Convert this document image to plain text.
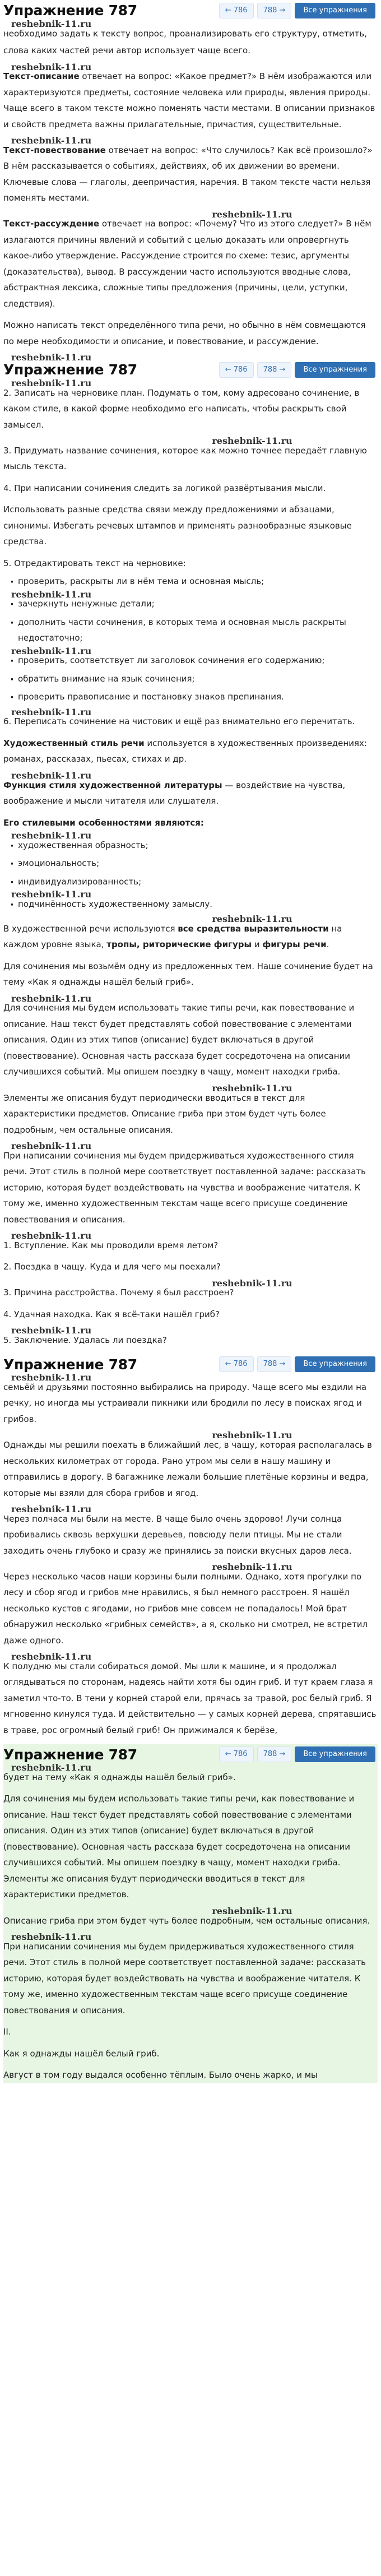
Упражнение 787	← 786	788 →	Все упражнения
reshebnik-11.ru

необходимо задать к тексту вопрос, проанализировать его структуру, отметить,

слова каких частей речи автор использует чаще всего.

reshebnik-11.ru

Текст-описание отвечает на вопрос: «Какое предмет?» В нём изображаются или характеризуются предметы, состояние человека или природы, явления природы. Чаще всего в таком тексте можно поменять части местами. В описании признаков и свойств предмета важны прилагательные, причастия, существительные.

reshebnik-11.ru

Текст-повествование отвечает на вопрос: «Что случилось? Как всё произошло?» В нём рассказывается о событиях, действиях, об их движении во времени. Ключевые слова — глаголы, деепричастия, наречия. В таком тексте части нельзя поменять местами.

reshebnik-11.ru

Текст-рассуждение отвечает на вопрос: «Почему? Что из этого следует?» В нём излагаются причины явлений и событий с целью доказать или опровергнуть какое-либо утверждение. Рассуждение строится по схеме: тезис, аргументы (доказательства), вывод. В рассуждении часто используются вводные слова, абстрактная лексика, сложные типы предложения (причины, цели, уступки, следствия).

Можно написать текст определённого типа речи, но обычно в нём совмещаются по мере необходимости и описание, и повествование, и рассуждение.

reshebnik-11.ru
Упражнение 787	← 786	788 →	Все упражнения
reshebnik-11.ru

2. Записать на черновике план. Подумать о том, кому адресовано сочинение, в каком стиле, в какой форме необходимо его написать, чтобы раскрыть свой замысел.

reshebnik-11.ru

3. Придумать название сочинения, которое как можно точнее передаёт главную мысль текста.

4. При написании сочинения следить за логикой развёртывания мысли.

Использовать разные средства связи между предложениями и абзацами, синонимы. Избегать речевых штампов и применять разнообразные языковые средства.

5. Отредактировать текст на черновике:

· проверить, раскрыты ли в нём тема и основная мысль;
reshebnik-11.ru
· зачеркнуть ненужные детали;
· дополнить части сочинения, в которых тема и основная мысль раскрыты недостаточно;
reshebnik-11.ru
· проверить, соответствует ли заголовок сочинения его содержанию;
· обратить внимание на язык сочинения;
· проверить правописание и постановку знаков препинания.
reshebnik-11.ru

6. Переписать сочинение на чистовик и ещё раз внимательно его перечитать.

Художественный стиль речи используется в художественных произведениях: романах, рассказах, пьесах, стихах и др.

reshebnik-11.ru

Функция стиля художественной литературы — воздействие на чувства, воображение и мысли читателя или слушателя.

Его стилевыми особенностями являются:

reshebnik-11.ru
· художественная образность;
· эмоциональность;
· индивидуализированность;
reshebnik-11.ru
· подчинённость художественному замыслу.
reshebnik-11.ru

В художественной речи используются все средства выразительности на каждом уровне языка, тропы, риторические фигуры и фигуры речи.

Для сочинения мы возьмём одну из предложенных тем. Наше сочинение будет на тему «Как я однажды нашёл белый гриб».

reshebnik-11.ru

Для сочинения мы будем использовать такие типы речи, как повествование и описание. Наш текст будет представлять собой повествование с элементами описания. Один из этих типов (описание) будет включаться в другой (повествование). Основная часть рассказа будет сосредоточена на описании случившихся событий. Мы опишем поездку в чащу, момент находки гриба.

reshebnik-11.ru

Элементы же описания будут периодически вводиться в текст для характеристики предметов. Описание гриба при этом будет чуть более подробным, чем остальные описания.

reshebnik-11.ru

При написании сочинения мы будем придерживаться художественного стиля речи. Этот стиль в полной мере соответствует поставленной задаче: рассказать историю, которая будет воздействовать на чувства и воображение читателя. К тому же, именно художественным текстам чаще всего присуще соединение повествования и описания.

reshebnik-11.ru

1. Вступление. Как мы проводили время летом?

2. Поездка в чащу. Куда и для чего мы поехали?

reshebnik-11.ru

3. Причина расстройства. Почему я был расстроен?

4. Удачная находка. Как я всё-таки нашёл гриб?

reshebnik-11.ru

5. Заключение. Удалась ли поездка?

Упражнение 787	← 786	788 →	Все упражнения
reshebnik-11.ru

семьёй и друзьями постоянно выбирались на природу. Чаще всего мы ездили на речку, но иногда мы устраивали пикники или бродили по лесу в поисках ягод и грибов.

reshebnik-11.ru

Однажды мы решили поехать в ближайший лес, в чащу, которая располагалась в нескольких километрах от города. Рано утром мы сели в нашу машину и отправились в дорогу. В багажнике лежали большие плетёные корзины и ведра, которые мы взяли для сбора грибов и ягод.

reshebnik-11.ru

Через полчаса мы были на месте. В чаще было очень здорово! Лучи солнца пробивались сквозь верхушки деревьев, повсюду пели птицы. Мы не стали заходить очень глубоко и сразу же принялись за поиски вкусных даров леса.

reshebnik-11.ru

Через несколько часов наши корзины были полными. Однако, хотя прогулки по лесу и сбор ягод и грибов мне нравились, я был немного расстроен. Я нашёл несколько кустов с ягодами, но грибов мне совсем не попадалось! Мой брат обнаружил несколько «грибных семейств», а я, сколько ни смотрел, не встретил даже одного.

reshebnik-11.ru

К полудню мы стали собираться домой. Мы шли к машине, и я продолжал оглядываться по сторонам, надеясь найти хотя бы один гриб. И тут краем глаза я заметил что-то. В тени у корней старой ели, прячась за травой, рос белый гриб. Я мгновенно кинулся туда. И действительно — у самых корней дерева, спрятавшись в траве, рос огромный белый гриб! Он прижимался к берёзе,

Упражнение 787	← 786	788 →	Все упражнения
reshebnik-11.ru

будет на тему «Как я однажды нашёл белый гриб».

Для сочинения мы будем использовать такие типы речи, как повествование и описание. Наш текст будет представлять собой повествование с элементами описания. Один из этих типов (описание) будет включаться в другой (повествование). Основная часть рассказа будет сосредоточена на описании случившихся событий. Мы опишем поездку в чащу, момент находки гриба. Элементы же описания будут периодически вводиться в текст для характеристики предметов.

reshebnik-11.ru

Описание гриба при этом будет чуть более подробным, чем остальные описания.

reshebnik-11.ru

При написании сочинения мы будем придерживаться художественного стиля речи. Этот стиль в полной мере соответствует поставленной задаче: рассказать историю, которая будет воздействовать на чувства и воображение читателя. К тому же, именно художественным текстам чаще всего присуще соединение повествования и описания.

II.

Как я однажды нашёл белый гриб.

Август в том году выдался особенно тёплым. Было очень жарко, и мы
